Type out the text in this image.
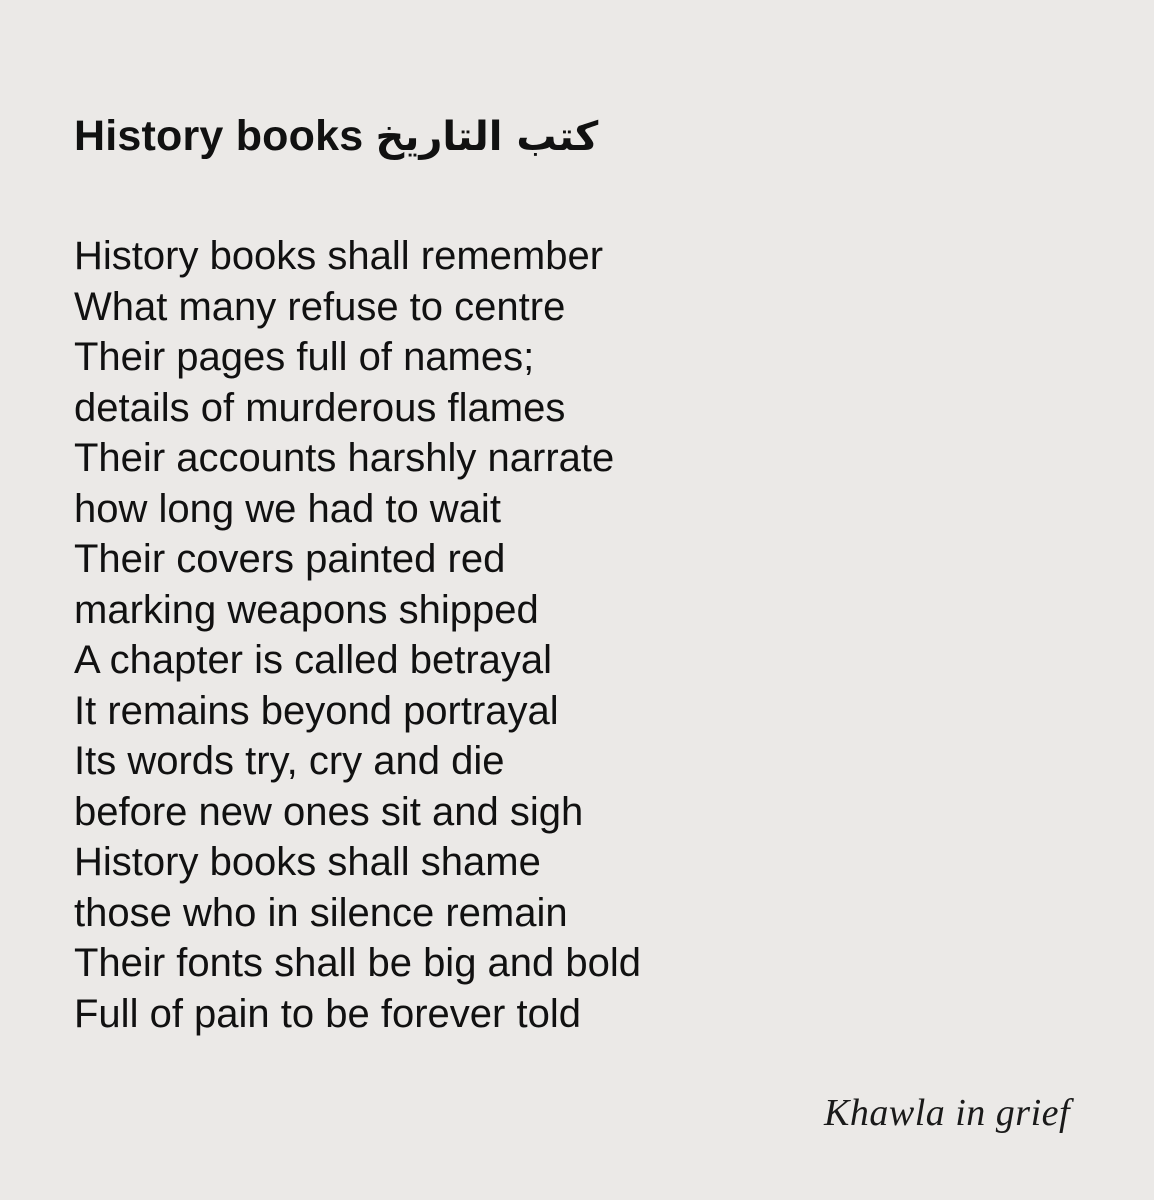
History books كتب التاريخ
History books shall remember
What many refuse to centre
Their pages full of names;
details of murderous flames
Their accounts harshly narrate
how long we had to wait
Their covers painted red
marking weapons shipped
A chapter is called betrayal
It remains beyond portrayal
Its words try, cry and die
before new ones sit and sigh
History books shall shame
those who in silence remain
Their fonts shall be big and bold
Full of pain to be forever told
Khawla in grief
